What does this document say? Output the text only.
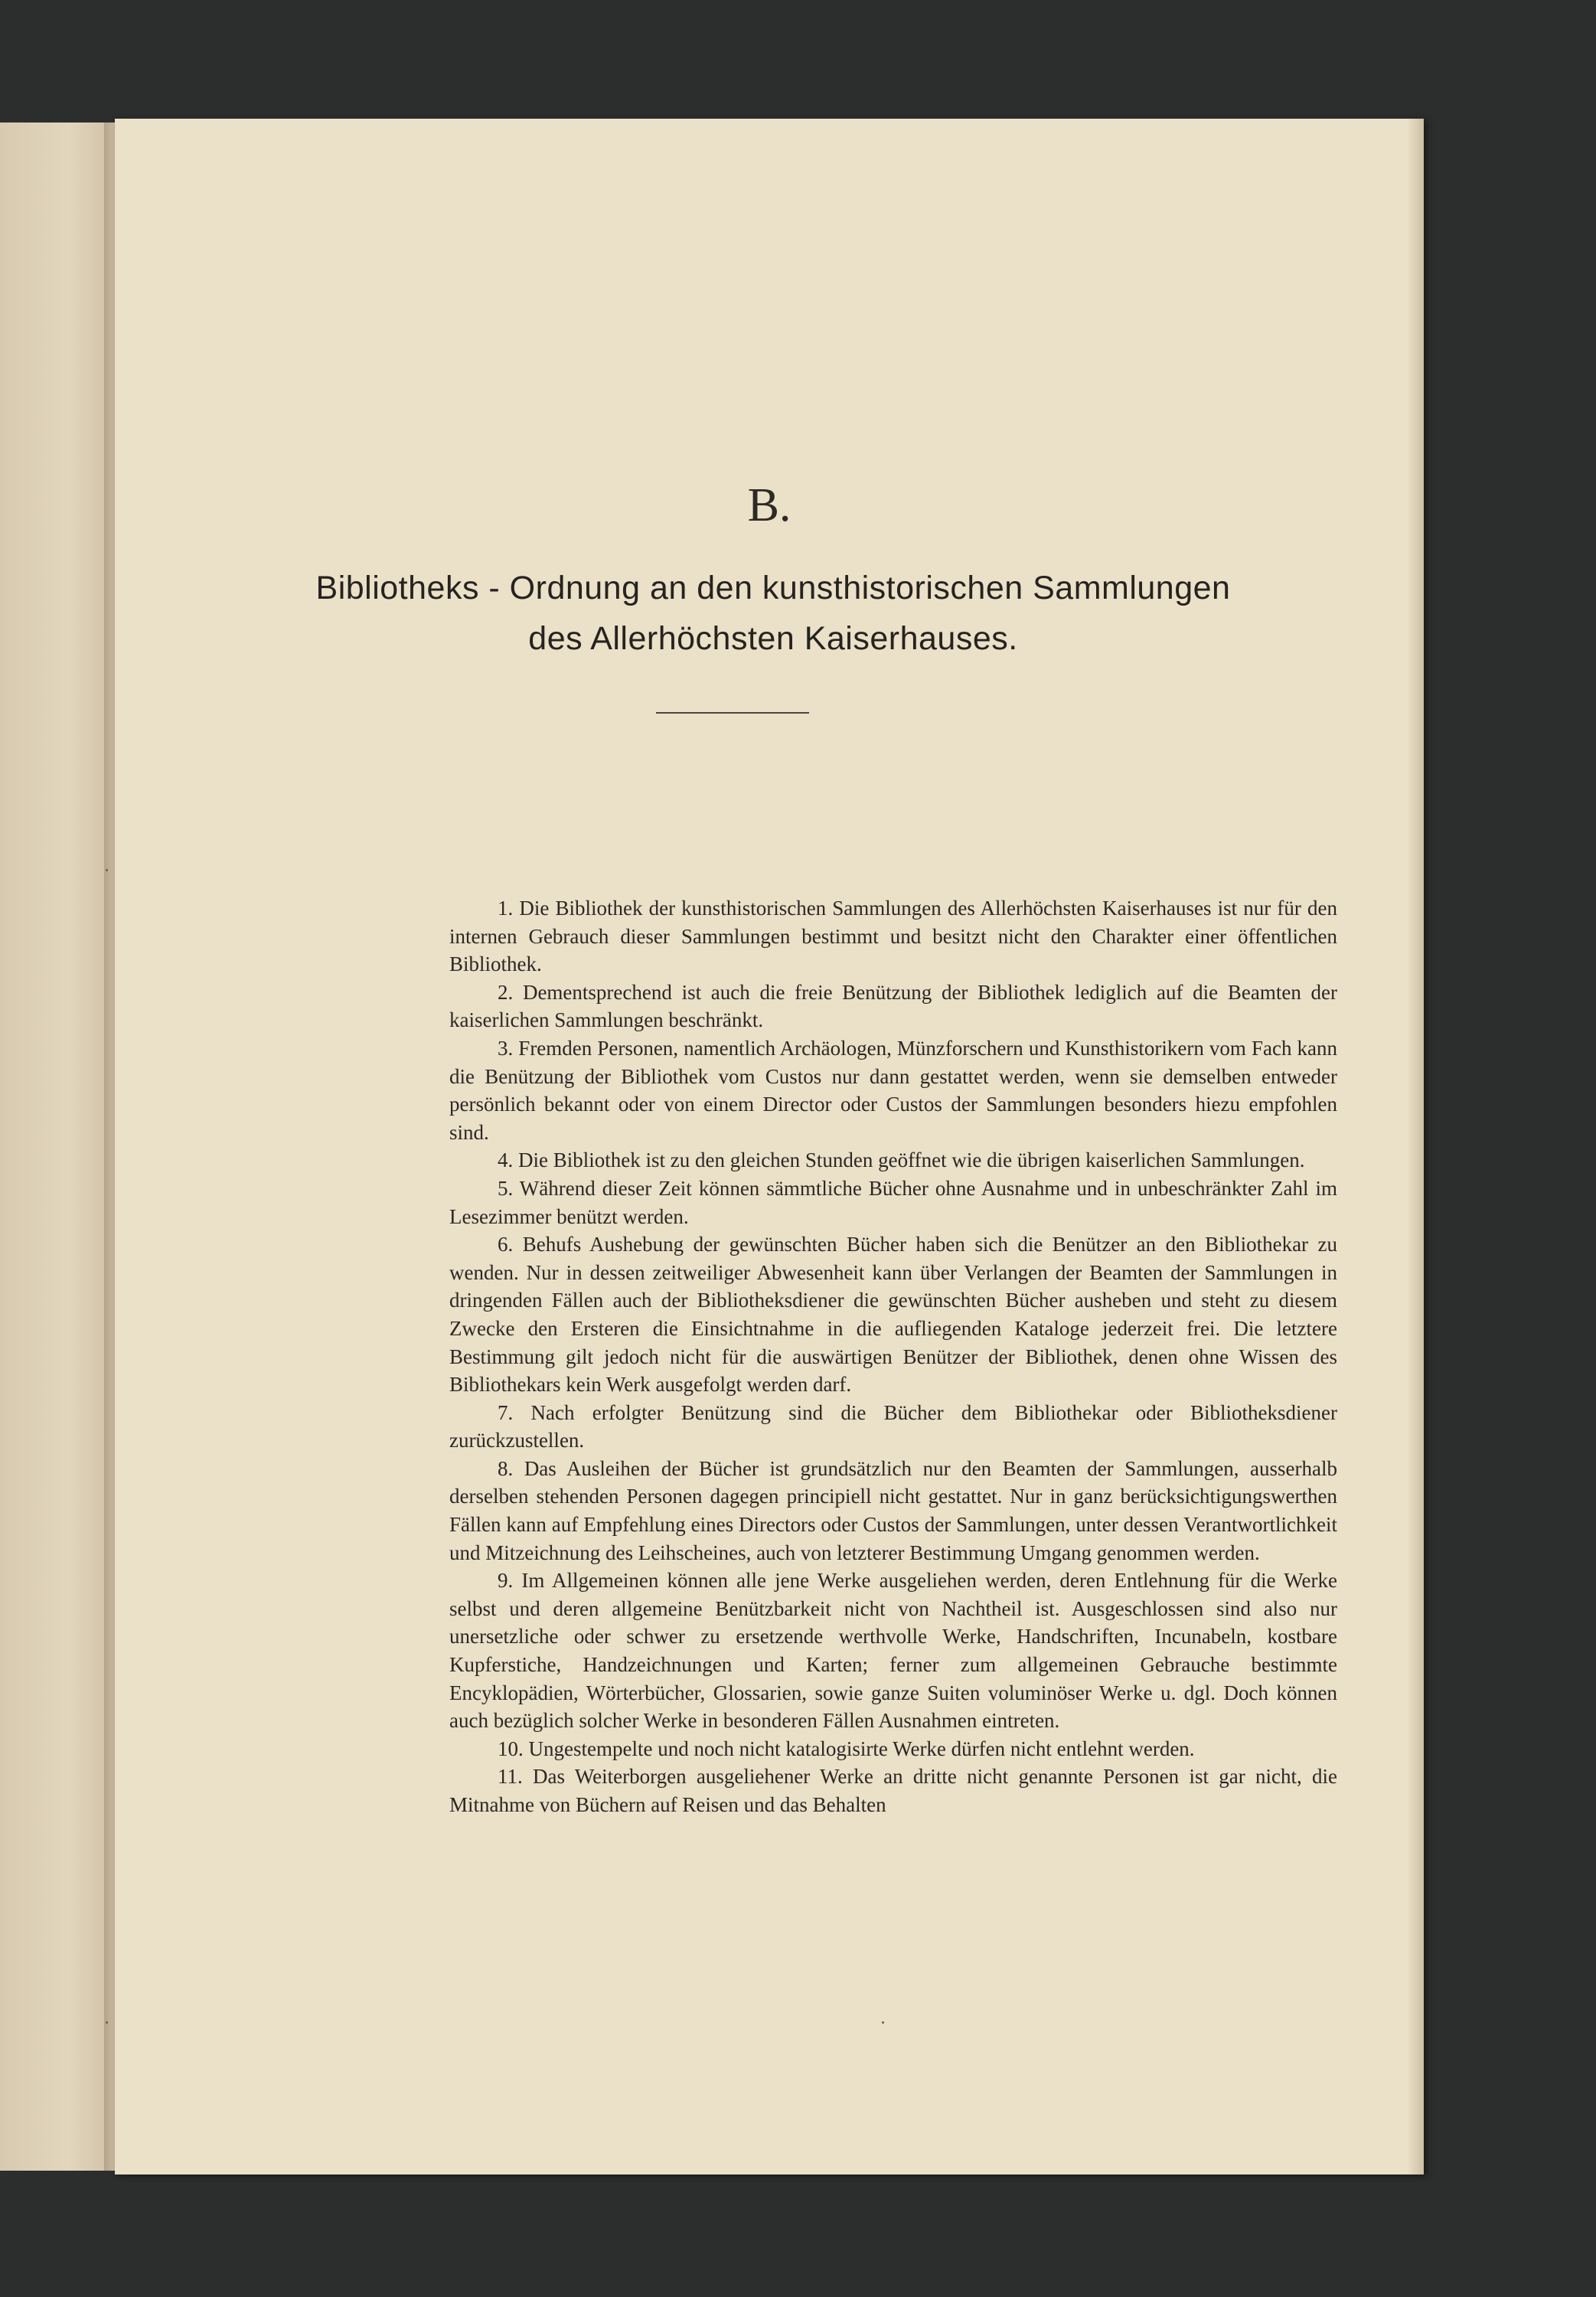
B.
Bibliotheks - Ordnung an den kunsthistorischen Sammlungen
des Allerhöchsten Kaiserhauses.

1. Die Bibliothek der kunsthistorischen Sammlungen des Allerhöchsten Kaiserhauses ist nur für den internen Gebrauch dieser Sammlungen bestimmt und besitzt nicht den Charakter einer öffentlichen Bibliothek.

2. Dementsprechend ist auch die freie Benützung der Bibliothek lediglich auf die Beamten der kaiserlichen Sammlungen beschränkt.

3. Fremden Personen, namentlich Archäologen, Münzforschern und Kunsthistorikern vom Fach kann die Benützung der Bibliothek vom Custos nur dann gestattet werden, wenn sie demselben entweder persönlich bekannt oder von einem Director oder Custos der Sammlungen besonders hiezu empfohlen sind.

4. Die Bibliothek ist zu den gleichen Stunden geöffnet wie die übrigen kaiserlichen Sammlungen.

5. Während dieser Zeit können sämmtliche Bücher ohne Ausnahme und in unbeschränkter Zahl im Lesezimmer benützt werden.

6. Behufs Aushebung der gewünschten Bücher haben sich die Benützer an den Bibliothekar zu wenden. Nur in dessen zeitweiliger Abwesenheit kann über Verlangen der Beamten der Sammlungen in dringenden Fällen auch der Bibliotheksdiener die gewünschten Bücher ausheben und steht zu diesem Zwecke den Ersteren die Einsichtnahme in die aufliegenden Kataloge jederzeit frei. Die letztere Bestimmung gilt jedoch nicht für die auswärtigen Benützer der Bibliothek, denen ohne Wissen des Bibliothekars kein Werk ausgefolgt werden darf.

7. Nach erfolgter Benützung sind die Bücher dem Bibliothekar oder Bibliotheksdiener zurückzustellen.

8. Das Ausleihen der Bücher ist grundsätzlich nur den Beamten der Sammlungen, ausserhalb derselben stehenden Personen dagegen principiell nicht gestattet. Nur in ganz berücksichtigungswerthen Fällen kann auf Empfehlung eines Directors oder Custos der Sammlungen, unter dessen Verantwortlichkeit und Mitzeichnung des Leihscheines, auch von letzterer Bestimmung Umgang genommen werden.

9. Im Allgemeinen können alle jene Werke ausgeliehen werden, deren Entlehnung für die Werke selbst und deren allgemeine Benützbarkeit nicht von Nachtheil ist. Ausgeschlossen sind also nur unersetzliche oder schwer zu ersetzende werthvolle Werke, Handschriften, Incunabeln, kostbare Kupferstiche, Handzeichnungen und Karten; ferner zum allgemeinen Gebrauche bestimmte Encyklopädien, Wörterbücher, Glossarien, sowie ganze Suiten voluminöser Werke u. dgl. Doch können auch bezüglich solcher Werke in besonderen Fällen Ausnahmen eintreten.

10. Ungestempelte und noch nicht katalogisirte Werke dürfen nicht entlehnt werden.

11. Das Weiterborgen ausgeliehener Werke an dritte nicht genannte Personen ist gar nicht, die Mitnahme von Büchern auf Reisen und das Behalten
